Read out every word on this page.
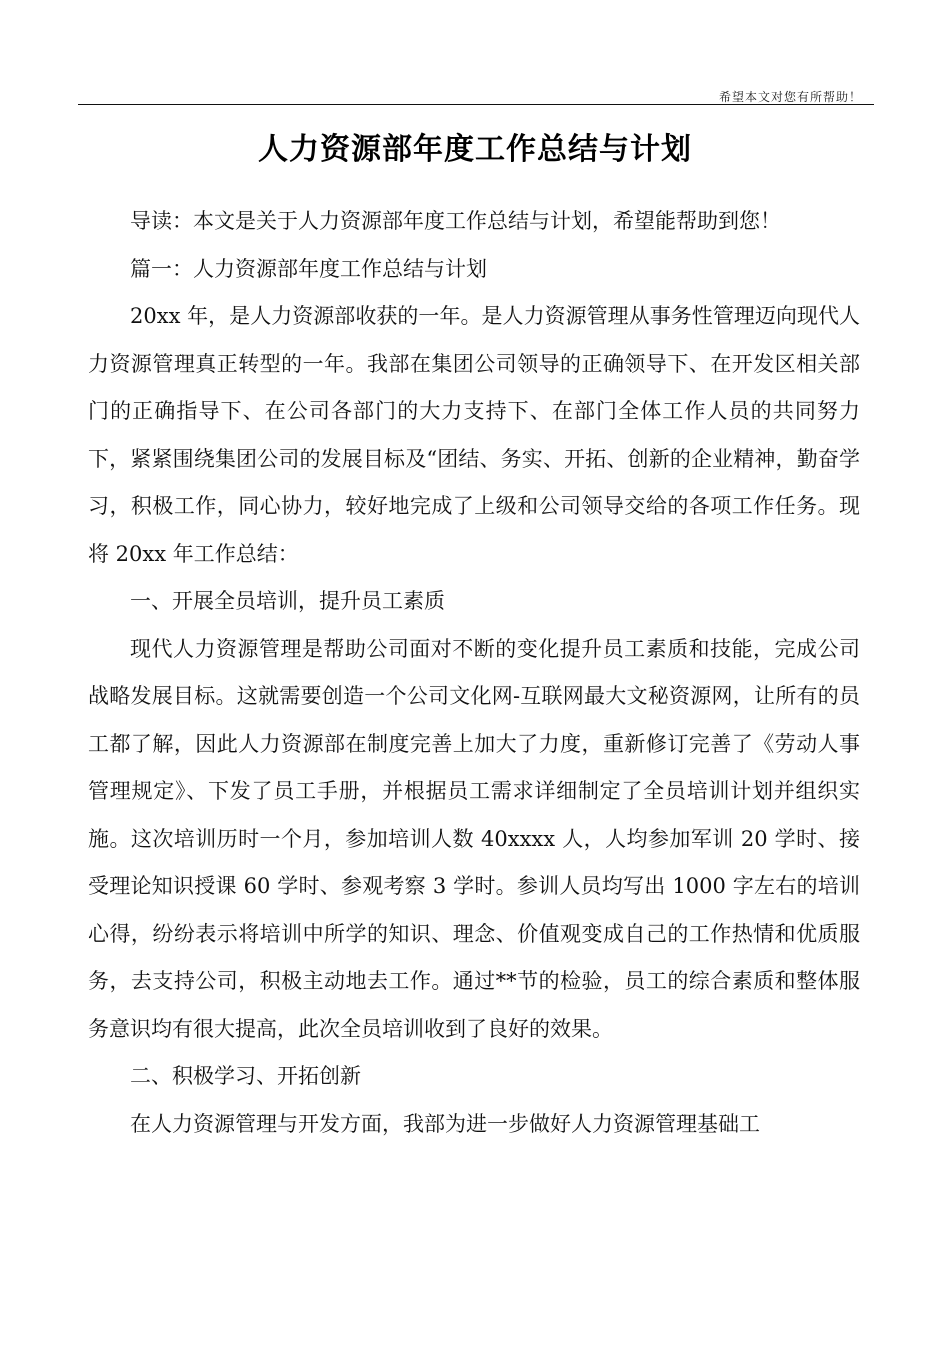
希望本文对您有所帮助！
人力资源部年度工作总结与计划

导读：本文是关于人力资源部年度工作总结与计划，希望能帮助到您！

篇一：人力资源部年度工作总结与计划

20xx 年，是人力资源部收获的一年。是人力资源管理从事务性管理迈向现代人力资源管理真正转型的一年。我部在集团公司领导的正确领导下、在开发区相关部门的正确指导下、在公司各部门的大力支持下、在部门全体工作人员的共同努力下，紧紧围绕集团公司的发展目标及“团结、务实、开拓、创新的企业精神，勤奋学习，积极工作，同心协力，较好地完成了上级和公司领导交给的各项工作任务。现将 20xx 年工作总结：

一、开展全员培训，提升员工素质

现代人力资源管理是帮助公司面对不断的变化提升员工素质和技能，完成公司战略发展目标。这就需要创造一个公司文化网-互联网最大文秘资源网，让所有的员工都了解，因此人力资源部在制度完善上加大了力度，重新修订完善了《劳动人事管理规定》、下发了员工手册，并根据员工需求详细制定了全员培训计划并组织实施。这次培训历时一个月，参加培训人数 40xxxx 人，人均参加军训 20 学时、接受理论知识授课 60 学时、参观考察 3 学时。参训人员均写出 1000 字左右的培训心得，纷纷表示将培训中所学的知识、理念、价值观变成自己的工作热情和优质服务，去支持公司，积极主动地去工作。通过**节的检验，员工的综合素质和整体服务意识均有很大提高，此次全员培训收到了良好的效果。

二、积极学习、开拓创新

在人力资源管理与开发方面，我部为进一步做好人力资源管理基础工
